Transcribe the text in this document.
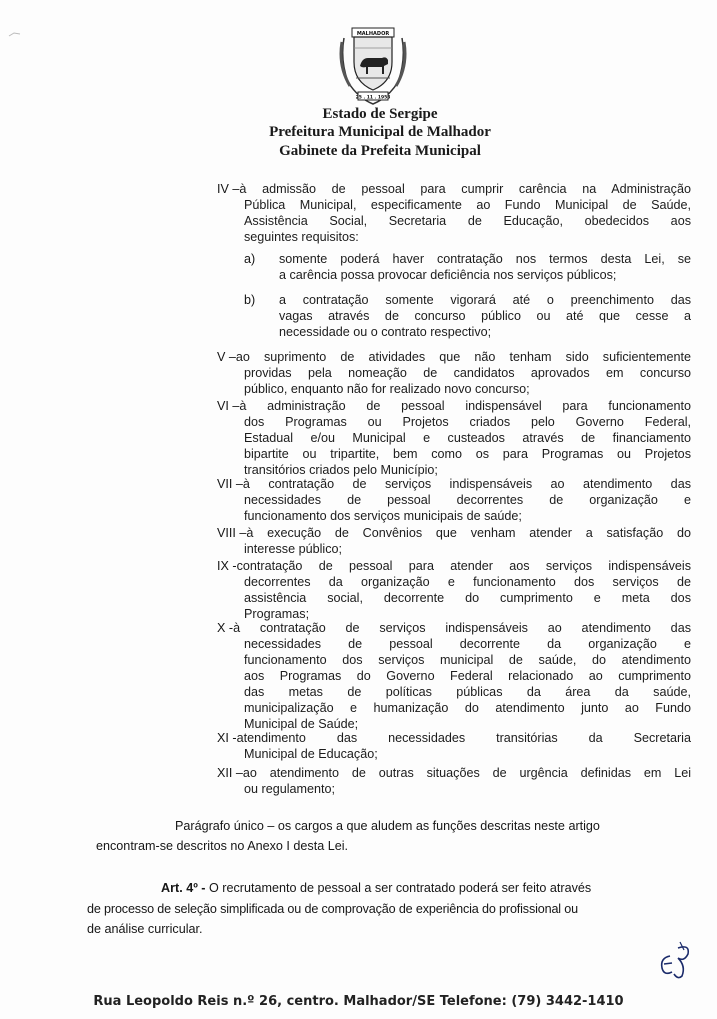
MALHADOR
25 . 11 . 1953
Estado de Sergipe
Prefeitura Municipal de Malhador
Gabinete da Prefeita Municipal
IV – à admissão de pessoal para cumprir carência na Administração
Pública Municipal, especificamente ao Fundo Municipal de Saúde,
Assistência Social, Secretaria de Educação, obedecidos aos
seguintes requisitos:
a) somente poderá haver contratação nos termos desta Lei, se
a carência possa provocar deficiência nos serviços públicos;
b) a contratação somente vigorará até o preenchimento das
vagas através de concurso público ou até que cesse a
necessidade ou o contrato respectivo;
V – ao suprimento de atividades que não tenham sido suficientemente
providas pela nomeação de candidatos aprovados em concurso
público, enquanto não for realizado novo concurso;
VI – à administração de pessoal indispensável para funcionamento
dos Programas ou Projetos criados pelo Governo Federal,
Estadual e/ou Municipal e custeados através de financiamento
bipartite ou tripartite, bem como os para Programas ou Projetos
transitórios criados pelo Município;
VII – à contratação de serviços indispensáveis ao atendimento das
necessidades de pessoal decorrentes de organização e
funcionamento dos serviços municipais de saúde;
VIII – à execução de Convênios que venham atender a satisfação do
interesse público;
IX - contratação de pessoal para atender aos serviços indispensáveis
decorrentes da organização e funcionamento dos serviços de
assistência social, decorrente do cumprimento e meta dos
Programas;
X - à contratação de serviços indispensáveis ao atendimento das
necessidades de pessoal decorrente da organização e
funcionamento dos serviços municipal de saúde, do atendimento
aos Programas do Governo Federal relacionado ao cumprimento
das metas de políticas públicas da área da saúde,
municipalização e humanização do atendimento junto ao Fundo
Municipal de Saúde;
XI - atendimento das necessidades transitórias da Secretaria
Municipal de Educação;
XII – ao atendimento de outras situações de urgência definidas em Lei
ou regulamento;
Parágrafo único – os cargos a que aludem as funções descritas neste artigo
encontram-se descritos no Anexo I desta Lei.
Art. 4º - O recrutamento de pessoal a ser contratado poderá ser feito através
de processo de seleção simplificada ou de comprovação de experiência do profissional ou
de análise curricular.
Rua Leopoldo Reis n.º 26, centro. Malhador/SE Telefone: (79) 3442-1410
